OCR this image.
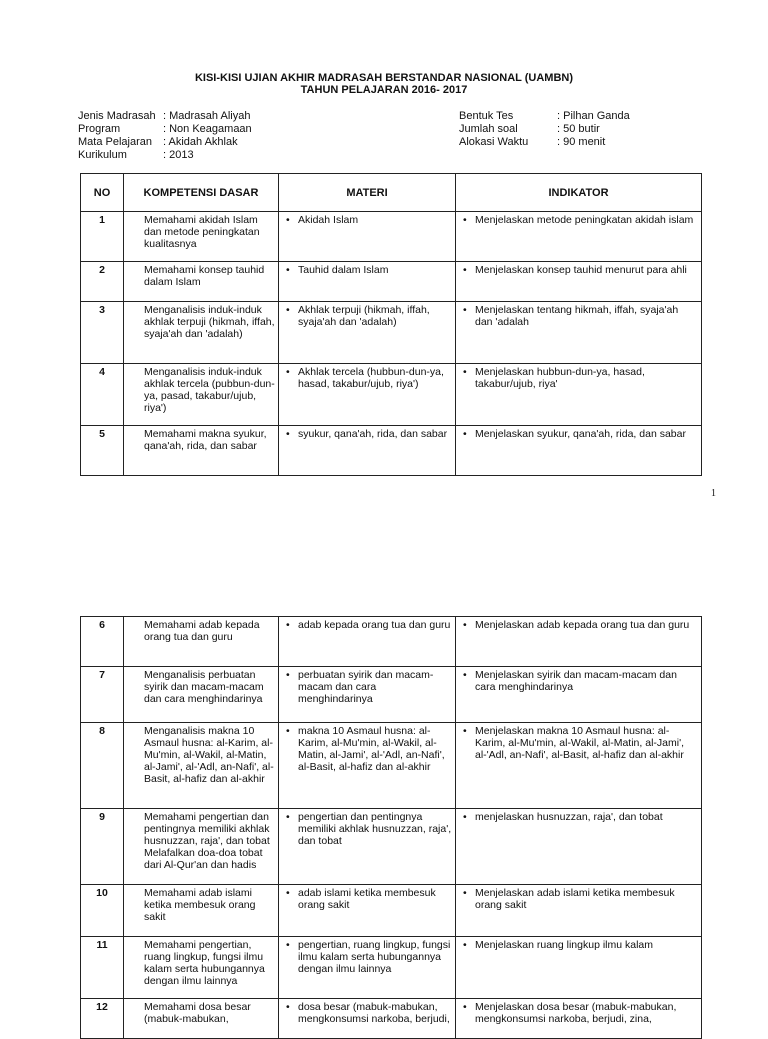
KISI-KISI UJIAN AKHIR MADRASAH BERSTANDAR NASIONAL (UAMBN)
TAHUN PELAJARAN 2016- 2017
Jenis Madrasah : Madrasah Aliyah
Program	: Non Keagamaan
Mata Pelajaran	: Akidah Akhlak
Kurikulum	: 2013
Bentuk Tes	: Pilhan Ganda
Jumlah soal	: 50 butir
Alokasi Waktu	: 90 menit
NO	KOMPETENSI DASAR	MATERI	INDIKATOR
1	Memahami akidah Islam dan metode peningkatan kualitasnya	• Akidah Islam	• Menjelaskan metode peningkatan akidah islam

2	Memahami konsep tauhid dalam Islam	• Tauhid dalam Islam	• Menjelaskan konsep tauhid menurut para ahli

3	Menganalisis induk-induk akhlak terpuji (hikmah, iffah, syaja'ah dan 'adalah)	• Akhlak terpuji (hikmah, iffah, syaja'ah dan 'adalah)	• Menjelaskan tentang hikmah, iffah, syaja'ah dan 'adalah

4	Menganalisis induk-induk akhlak tercela (pubbun-dun-ya, pasad, takabur/ujub, riya')	• Akhlak tercela (hubbun-dun-ya, hasad, takabur/ujub, riya')	• Menjelaskan hubbun-dun-ya, hasad, takabur/ujub, riya'

5	Memahami makna syukur, qana'ah, rida, dan sabar	• syukur, qana'ah, rida, dan sabar	• Menjelaskan syukur, qana'ah, rida, dan sabar
1
6	Memahami adab kepada orang tua dan guru	• adab kepada orang tua dan guru	• Menjelaskan adab kepada orang tua dan guru

7	Menganalisis perbuatan syirik dan macam-macam dan cara menghindarinya	• perbuatan syirik dan macam-macam dan cara menghindarinya	• Menjelaskan syirik dan macam-macam dan cara menghindarinya

8	Menganalisis makna 10 Asmaul husna: al-Karim, al-Mu'min, al-Wakil, al-Matin, al-Jami', al-'Adl, an-Nafi', al-Basit, al-hafiz dan al-akhir	• makna 10 Asmaul husna: al-Karim, al-Mu'min, al-Wakil, al-Matin, al-Jami', al-'Adl, an-Nafi', al-Basit, al-hafiz dan al-akhir	• Menjelaskan makna 10 Asmaul husna: al-Karim, al-Mu'min, al-Wakil, al-Matin, al-Jami', al-'Adl, an-Nafi', al-Basit, al-hafiz dan al-akhir

9	Memahami pengertian dan pentingnya memiliki akhlak husnuzzan, raja', dan tobat Melafalkan doa-doa tobat dari Al-Qur'an dan hadis	• pengertian dan pentingnya memiliki akhlak husnuzzan, raja', dan tobat	• menjelaskan husnuzzan, raja', dan tobat

10	Memahami adab islami ketika membesuk orang sakit	• adab islami ketika membesuk orang sakit	• Menjelaskan adab islami ketika membesuk orang sakit

11	Memahami pengertian, ruang lingkup, fungsi ilmu kalam serta hubungannya dengan ilmu lainnya	• pengertian, ruang lingkup, fungsi ilmu kalam serta hubungannya dengan ilmu lainnya	• Menjelaskan ruang lingkup ilmu kalam

12	Memahami dosa besar (mabuk-mabukan,	• dosa besar (mabuk-mabukan, mengkonsumsi narkoba, berjudi,	• Menjelaskan dosa besar (mabuk-mabukan, mengkonsumsi narkoba, berjudi, zina,
